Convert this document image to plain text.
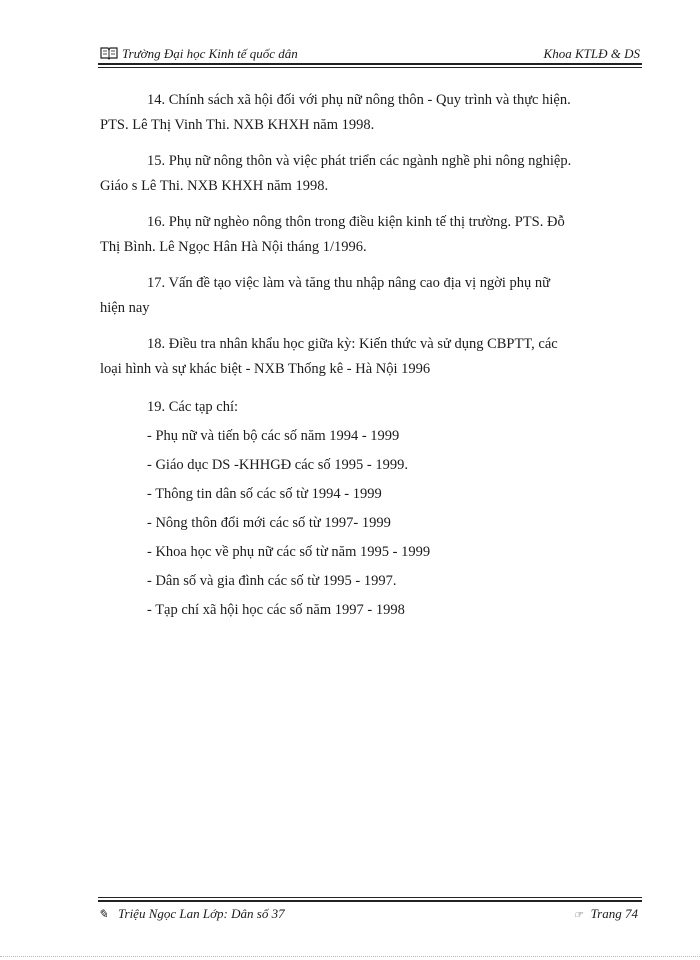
Trường Đại học Kinh tế quốc dân	Khoa KTLĐ & DS

14. Chính sách xã hội đối với phụ nữ nông thôn - Quy trình và thực hiện.
PTS. Lê Thị Vinh Thi. NXB KHXH năm 1998.

15. Phụ nữ nông thôn và việc phát triển các ngành nghề phi nông nghiệp.
Giáo s Lê Thi. NXB KHXH năm 1998.

16. Phụ nữ nghèo nông thôn trong điều kiện kinh tế thị trường. PTS. Đỗ
Thị Bình. Lê Ngọc Hân Hà Nội tháng 1/1996.

17. Vấn đề tạo việc làm và tăng thu nhập nâng cao địa vị ngời phụ nữ
hiện nay

18. Điều tra nhân khẩu học giữa kỳ: Kiến thức và sử dụng CBPTT, các
loại hình và sự khác biệt - NXB Thống kê - Hà Nội 1996

19. Các tạp chí:

- Phụ nữ và tiến bộ các số năm 1994 - 1999

- Giáo dục DS -KHHGĐ các số 1995 - 1999.

- Thông tin dân số các số từ 1994 - 1999

- Nông thôn đổi mới các số từ 1997- 1999

- Khoa học về phụ nữ các số từ năm 1995 - 1999

- Dân số và gia đình các số từ 1995 - 1997.

- Tạp chí xã hội học các số năm 1997 - 1998

✎ Triệu Ngọc Lan Lớp: Dân số 37	☞ Trang 74
